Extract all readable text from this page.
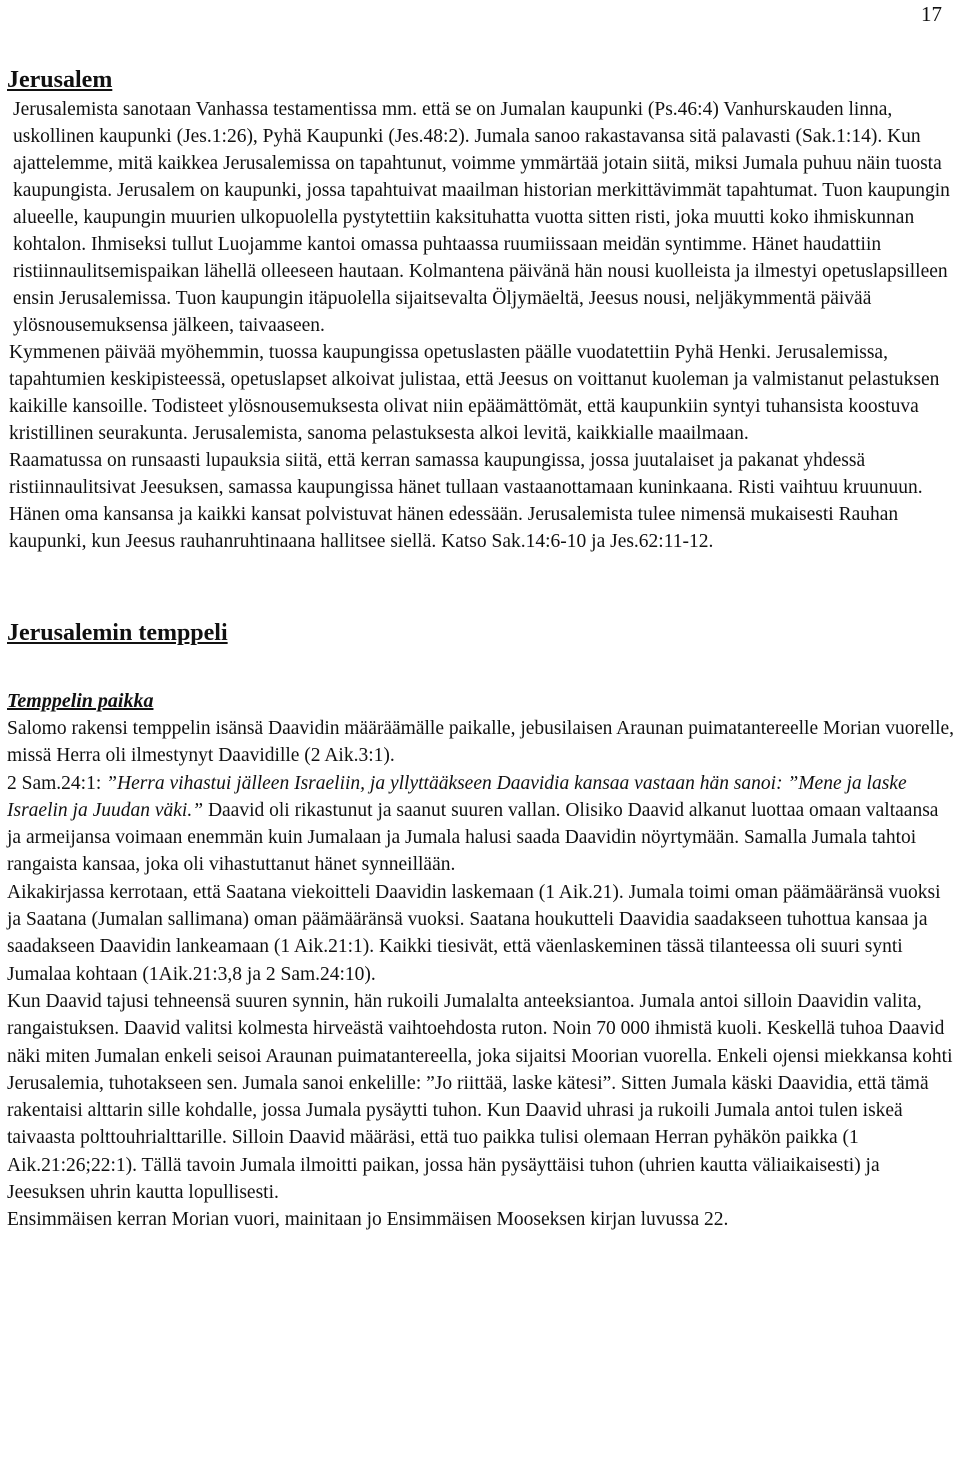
17
Jerusalem

Jerusalemista sanotaan Vanhassa testamentissa mm. että se on Jumalan kaupunki (Ps.46:4) Vanhurskauden linna, uskollinen kaupunki (Jes.1:26), Pyhä Kaupunki (Jes.48:2). Jumala sanoo rakastavansa sitä palavasti (Sak.1:14). Kun ajattelemme, mitä kaikkea Jerusalemissa on tapahtunut, voimme ymmärtää jotain siitä, miksi Jumala puhuu näin tuosta kaupungista. Jerusalem on kaupunki, jossa tapahtuivat maailman historian merkittävimmät tapahtumat. Tuon kaupungin alueelle, kaupungin muurien ulkopuolella pystytettiin kaksituhatta vuotta sitten risti, joka muutti koko ihmiskunnan kohtalon. Ihmiseksi tullut Luojamme kantoi omassa puhtaassa ruumiissaan meidän syntimme. Hänet haudattiin ristiinnaulitsemispaikan lähellä olleeseen hautaan. Kolmantena päivänä hän nousi kuolleista ja ilmestyi opetuslapsilleen ensin Jerusalemissa. Tuon kaupungin itäpuolella sijaitsevalta Öljymäeltä, Jeesus nousi, neljäkymmentä päivää ylösnousemuksensa jälkeen, taivaaseen.

Kymmenen päivää myöhemmin, tuossa kaupungissa opetuslasten päälle vuodatettiin Pyhä Henki. Jerusalemissa, tapahtumien keskipisteessä, opetuslapset alkoivat julistaa, että Jeesus on voittanut kuoleman ja valmistanut pelastuksen kaikille kansoille. Todisteet ylösnousemuksesta olivat niin epäämättömät, että kaupunkiin syntyi tuhansista koostuva kristillinen seurakunta. Jerusalemista, sanoma pelastuksesta alkoi levitä, kaikkialle maailmaan.

Raamatussa on runsaasti lupauksia siitä, että kerran samassa kaupungissa, jossa juutalaiset ja pakanat yhdessä ristiinnaulitsivat Jeesuksen, samassa kaupungissa hänet tullaan vastaanottamaan kuninkaana. Risti vaihtuu kruunuun. Hänen oma kansansa ja kaikki kansat polvistuvat hänen edessään. Jerusalemista tulee nimensä mukaisesti Rauhan kaupunki, kun Jeesus rauhanruhtinaana hallitsee siellä. Katso Sak.14:6-10 ja Jes.62:11-12.

Jerusalemin temppeli
Temppelin paikka

Salomo rakensi temppelin isänsä Daavidin määräämälle paikalle, jebusilaisen Araunan puimatantereelle Morian vuorelle, missä Herra oli ilmestynyt Daavidille (2 Aik.3:1).

2 Sam.24:1: ”Herra vihastui jälleen Israeliin, ja yllyttääkseen Daavidia kansaa vastaan hän sanoi: ”Mene ja laske Israelin ja Juudan väki.” Daavid oli rikastunut ja saanut suuren vallan. Olisiko Daavid alkanut luottaa omaan valtaansa ja armeijansa voimaan enemmän kuin Jumalaan ja Jumala halusi saada Daavidin nöyrtymään. Samalla Jumala tahtoi rangaista kansaa, joka oli vihastuttanut hänet synneillään.

Aikakirjassa kerrotaan, että Saatana viekoitteli Daavidin laskemaan (1 Aik.21). Jumala toimi oman päämääränsä vuoksi ja Saatana (Jumalan sallimana) oman päämääränsä vuoksi. Saatana houkutteli Daavidia saadakseen tuhottua kansaa ja saadakseen Daavidin lankeamaan (1 Aik.21:1). Kaikki tiesivät, että väenlaskeminen tässä tilanteessa oli suuri synti Jumalaa kohtaan (1Aik.21:3,8 ja 2 Sam.24:10).

Kun Daavid tajusi tehneensä suuren synnin, hän rukoili Jumalalta anteeksiantoa. Jumala antoi silloin Daavidin valita, rangaistuksen. Daavid valitsi kolmesta hirveästä vaihtoehdosta ruton. Noin 70 000 ihmistä kuoli. Keskellä tuhoa Daavid näki miten Jumalan enkeli seisoi Araunan puimatantereella, joka sijaitsi Moorian vuorella. Enkeli ojensi miekkansa kohti Jerusalemia, tuhotakseen sen. Jumala sanoi enkelille: ”Jo riittää, laske kätesi”. Sitten Jumala käski Daavidia, että tämä rakentaisi alttarin sille kohdalle, jossa Jumala pysäytti tuhon. Kun Daavid uhrasi ja rukoili Jumala antoi tulen iskeä taivaasta polttouhrialttarille. Silloin Daavid määräsi, että tuo paikka tulisi olemaan Herran pyhäkön paikka (1 Aik.21:26;22:1). Tällä tavoin Jumala ilmoitti paikan, jossa hän pysäyttäisi tuhon (uhrien kautta väliaikaisesti) ja Jeesuksen uhrin kautta lopullisesti.

Ensimmäisen kerran Morian vuori, mainitaan jo Ensimmäisen Mooseksen kirjan luvussa 22.
